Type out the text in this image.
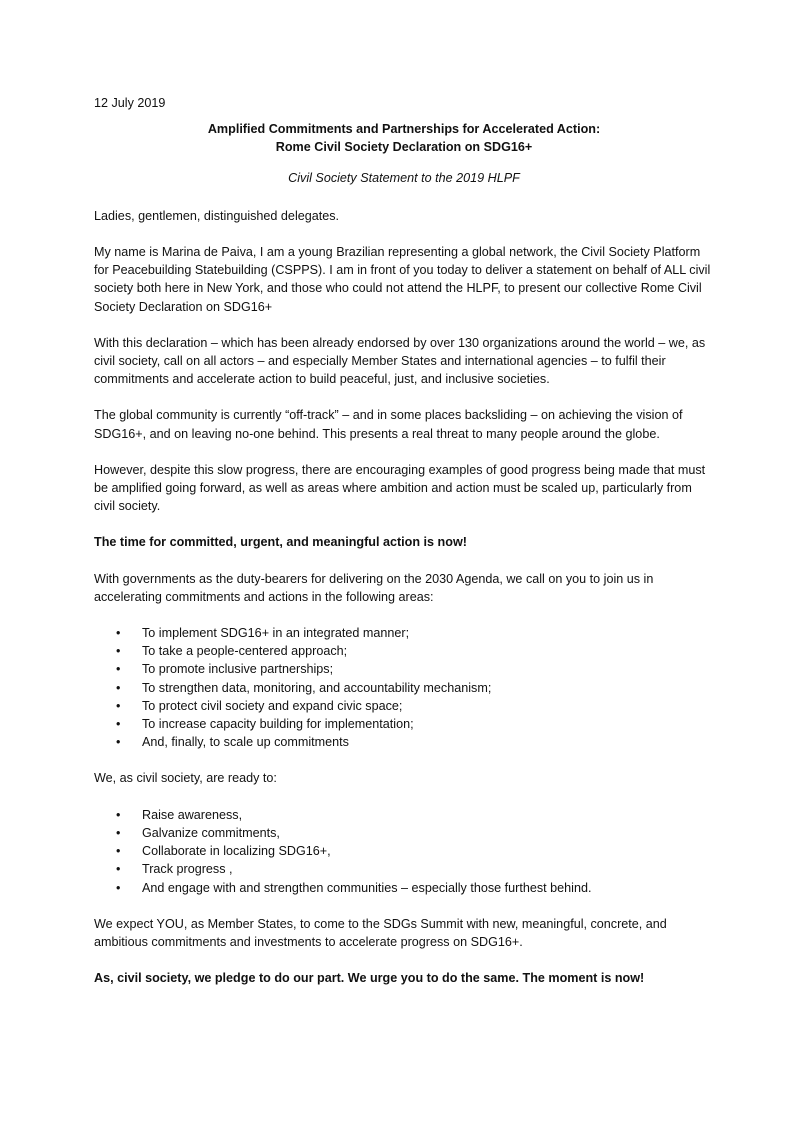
12 July 2019

Amplified Commitments and Partnerships for Accelerated Action:

Rome Civil Society Declaration on SDG16+

Civil Society Statement to the 2019 HLPF

Ladies, gentlemen, distinguished delegates.

My name is Marina de Paiva, I am a young Brazilian representing a global network, the Civil Society Platform for Peacebuilding Statebuilding (CSPPS). I am in front of you today to deliver a statement on behalf of ALL civil society both here in New York, and those who could not attend the HLPF, to present our collective Rome Civil Society Declaration on SDG16+

With this declaration – which has been already endorsed by over 130 organizations around the world – we, as civil society, call on all actors – and especially Member States and international agencies – to fulfil their commitments and accelerate action to build peaceful, just, and inclusive societies.

The global community is currently “off-track” – and in some places backsliding – on achieving the vision of SDG16+, and on leaving no-one behind. This presents a real threat to many people around the globe.

However, despite this slow progress, there are encouraging examples of good progress being made that must be amplified going forward, as well as areas where ambition and action must be scaled up, particularly from civil society.

The time for committed, urgent, and meaningful action is now!

With governments as the duty-bearers for delivering on the 2030 Agenda, we call on you to join us in accelerating commitments and actions in the following areas:

• To implement SDG16+ in an integrated manner;
• To take a people-centered approach;
• To promote inclusive partnerships;
• To strengthen data, monitoring, and accountability mechanism;
• To protect civil society and expand civic space;
• To increase capacity building for implementation;
• And, finally, to scale up commitments

We, as civil society, are ready to:

• Raise awareness,
• Galvanize commitments,
• Collaborate in localizing SDG16+,
• Track progress ,
• And engage with and strengthen communities – especially those furthest behind.

We expect YOU, as Member States, to come to the SDGs Summit with new, meaningful, concrete, and ambitious commitments and investments to accelerate progress on SDG16+.

As, civil society, we pledge to do our part. We urge you to do the same. The moment is now!
